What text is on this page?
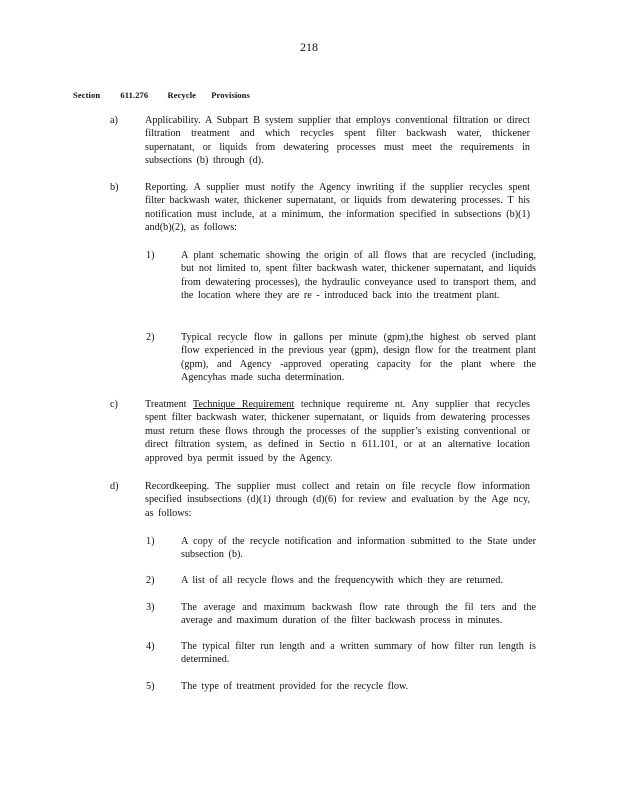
218
Section 611.276 Recycle Provisions
a)	Applicability. A Subpart B system supplier that employs conventional filtration or direct filtration treatment and which recycles spent filter backwash water, thickener supernatant, or liquids from dewatering processes must meet the requirements in subsections (b) through (d).
b)	Reporting. A supplier must notify the Agency inwriting if the supplier recycles spent filter backwash water, thickener supernatant, or liquids from dewatering processes. T his notification must include, at a minimum, the information specified in subsections (b)(1) and(b)(2), as follows:
1)	A plant schematic showing the origin of all flows that are recycled (including, but not limited to, spent filter backwash water, thickener supernatant, and liquids from dewatering processes), the hydraulic conveyance used to transport them, and the location where they are re - introduced back into the treatment plant.
2)	Typical recycle flow in gallons per minute (gpm),the highest ob served plant flow experienced in the previous year (gpm), design flow for the treatment plant (gpm), and Agency -approved operating capacity for the plant where the Agencyhas made sucha determination.
c)	Treatment Technique Requirement technique requireme nt. Any supplier that recycles spent filter backwash water, thickener supernatant, or liquids from dewatering processes must return these flows through the processes of the supplier’s existing conventional or direct filtration system, as defined in Sectio n 611.101, or at an alternative location approved bya permit issued by the Agency.
d)	Recordkeeping. The supplier must collect and retain on file recycle flow information specified insubsections (d)(1) through (d)(6) for review and evaluation by the Age ncy, as follows:
1)	A copy of the recycle notification and information submitted to the State under subsection (b).
2)	A list of all recycle flows and the frequencywith which they are returned.
3)	The average and maximum backwash flow rate through the fil ters and the average and maximum duration of the filter backwash process in minutes.
4)	The typical filter run length and a written summary of how filter run length is determined.
5)	The type of treatment provided for the recycle flow.
